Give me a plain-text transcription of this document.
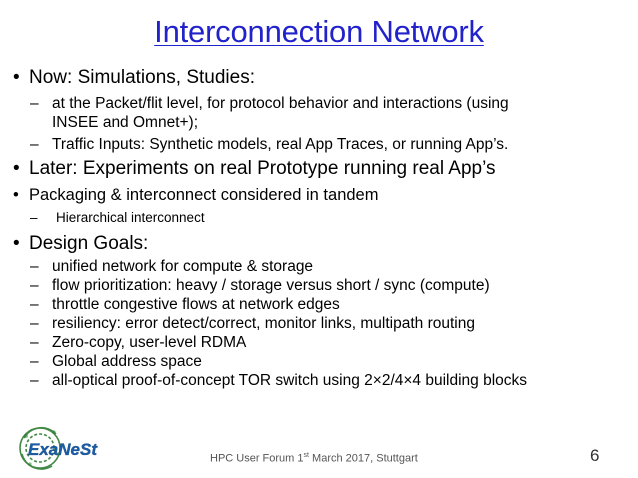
Interconnection Network
• Now: Simulations, Studies:
– at the Packet/flit level, for protocol behavior and interactions (using
INSEE and Omnet+);
– Traffic Inputs: Synthetic models, real App Traces, or running App’s.
• Later: Experiments on real Prototype running real App’s
• Packaging & interconnect considered in tandem
– Hierarchical interconnect
• Design Goals:
– unified network for compute & storage
– flow prioritization: heavy / storage versus short / sync (compute)
– throttle congestive flows at network edges
– resiliency: error detect/correct, monitor links, multipath routing
– Zero-copy, user-level RDMA
– Global address space
– all-optical proof-of-concept TOR switch using 2×2/4×4 building blocks
ExaNeSt	HPC User Forum 1st March 2017, Stuttgart	6
